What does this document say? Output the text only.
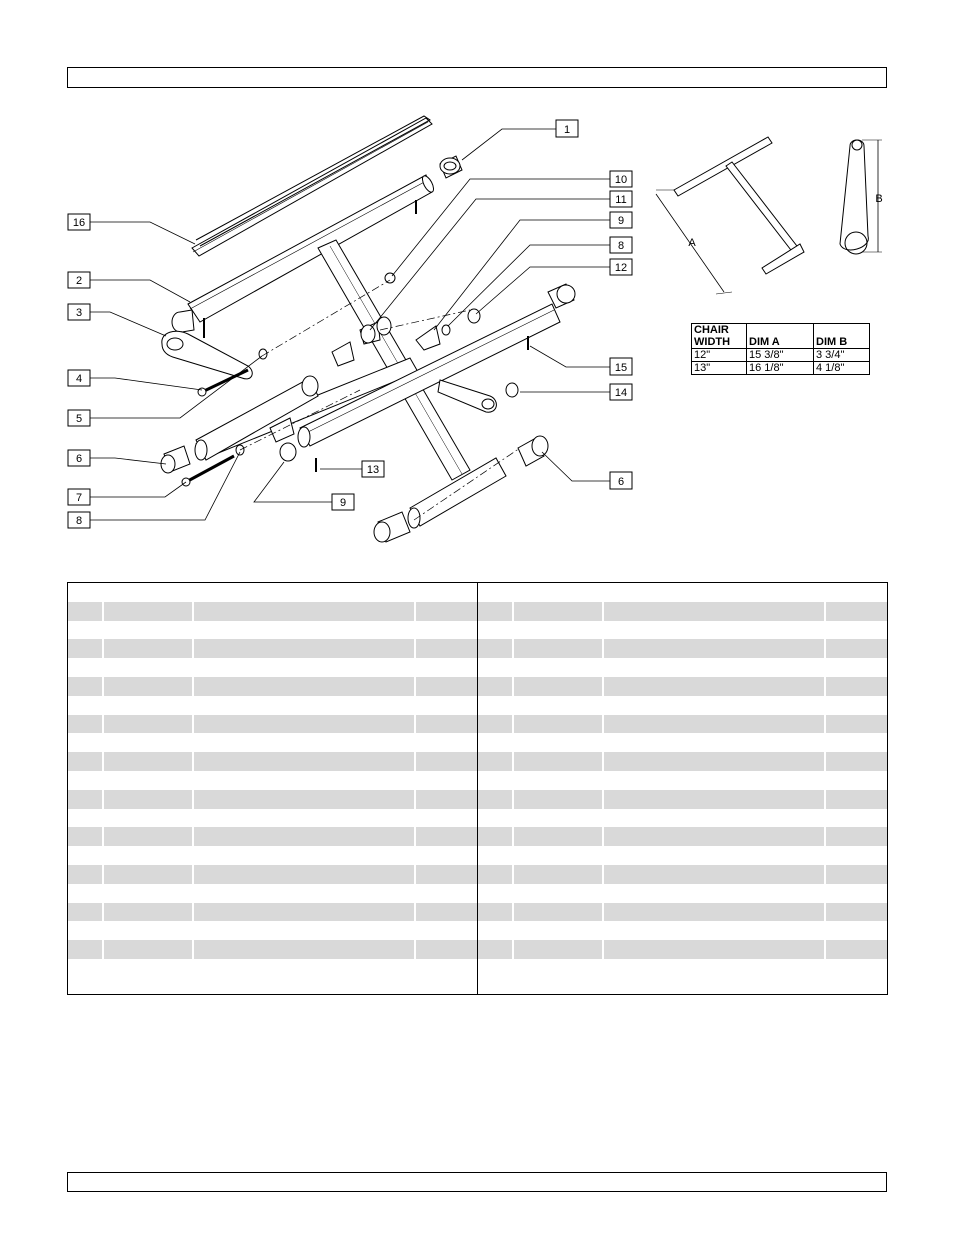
1
10
11
9
8
12
15
14
6
13
9
16
2
3
4
5
6
7
8
A
B
CHAIR WIDTH	DIM A	DIM B
12"	15 3/8"	3 3/4"
13"	16 1/8"	4 1/8"
